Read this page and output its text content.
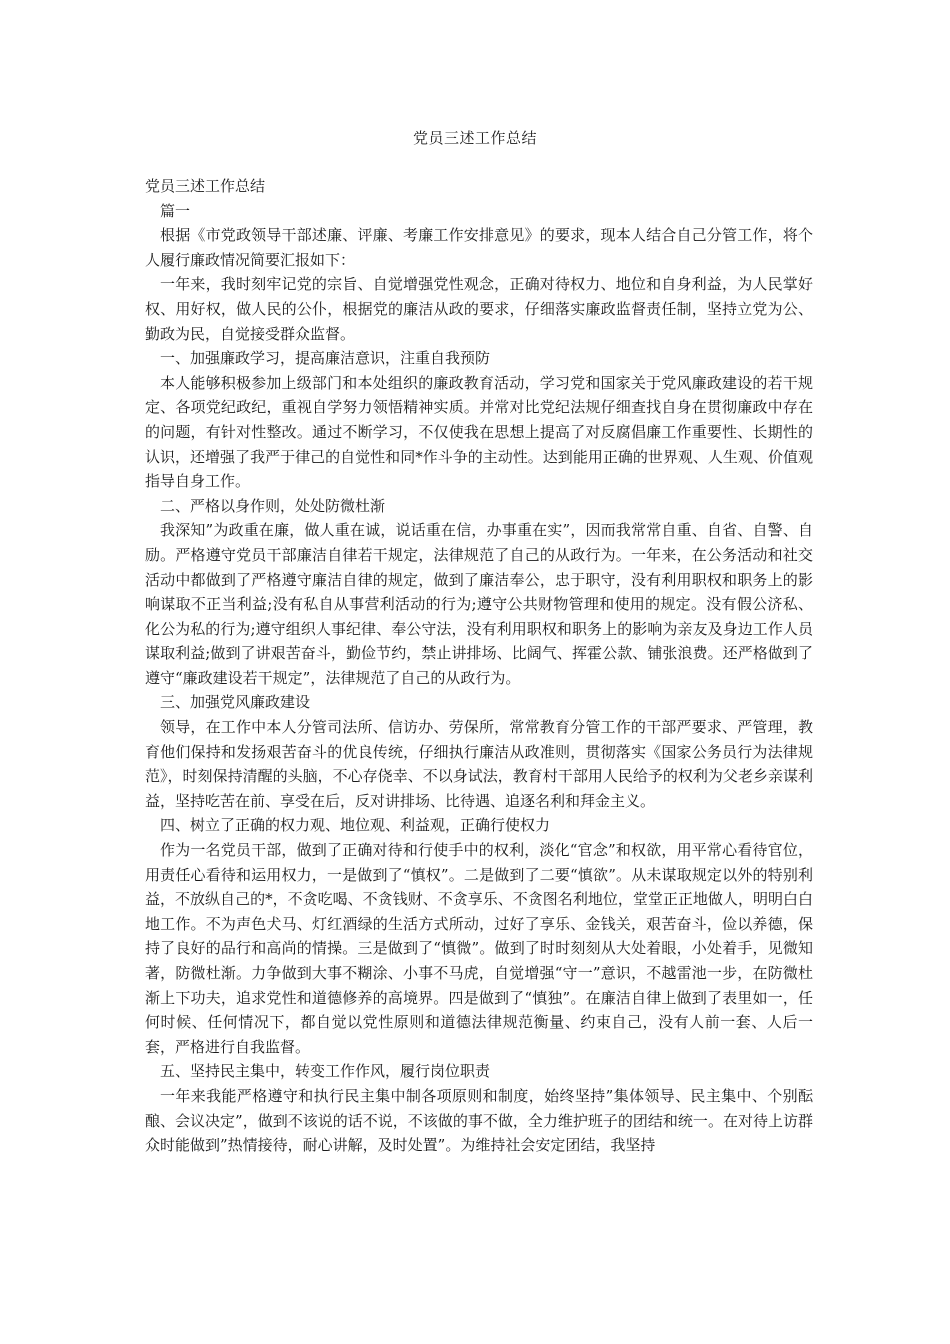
党员三述工作总结

党员三述工作总结

篇一

根据《市党政领导干部述廉、评廉、考廉工作安排意见》的要求，现本人结合自己分管工作，将个人履行廉政情况简要汇报如下：

一年来，我时刻牢记党的宗旨、自觉增强党性观念，正确对待权力、地位和自身利益，为人民掌好权、用好权，做人民的公仆，根据党的廉洁从政的要求，仔细落实廉政监督责任制，坚持立党为公、勤政为民，自觉接受群众监督。

一、加强廉政学习，提高廉洁意识，注重自我预防

本人能够积极参加上级部门和本处组织的廉政教育活动，学习党和国家关于党风廉政建设的若干规定、各项党纪政纪，重视自学努力领悟精神实质。并常对比党纪法规仔细查找自身在贯彻廉政中存在的问题，有针对性整改。通过不断学习，不仅使我在思想上提高了对反腐倡廉工作重要性、长期性的认识，还增强了我严于律己的自觉性和同*作斗争的主动性。达到能用正确的世界观、人生观、价值观指导自身工作。

二、严格以身作则，处处防微杜渐

我深知”为政重在廉，做人重在诚，说话重在信，办事重在实”，因而我常常自重、自省、自警、自励。严格遵守党员干部廉洁自律若干规定，法律规范了自己的从政行为。一年来，在公务活动和社交活动中都做到了严格遵守廉洁自律的规定，做到了廉洁奉公，忠于职守，没有利用职权和职务上的影响谋取不正当利益;没有私自从事营利活动的行为;遵守公共财物管理和使用的规定。没有假公济私、化公为私的行为;遵守组织人事纪律、奉公守法，没有利用职权和职务上的影响为亲友及身边工作人员谋取利益;做到了讲艰苦奋斗，勤俭节约，禁止讲排场、比阔气、挥霍公款、铺张浪费。还严格做到了遵守“廉政建设若干规定”，法律规范了自己的从政行为。

三、加强党风廉政建设

领导，在工作中本人分管司法所、信访办、劳保所，常常教育分管工作的干部严要求、严管理，教育他们保持和发扬艰苦奋斗的优良传统，仔细执行廉洁从政准则，贯彻落实《国家公务员行为法律规范》，时刻保持清醒的头脑，不心存侥幸、不以身试法，教育村干部用人民给予的权利为父老乡亲谋利益，坚持吃苦在前、享受在后，反对讲排场、比待遇、追逐名利和拜金主义。

四、树立了正确的权力观、地位观、利益观，正确行使权力

作为一名党员干部，做到了正确对待和行使手中的权利，淡化“官念”和权欲，用平常心看待官位，用责任心看待和运用权力，一是做到了“慎权”。二是做到了二要“慎欲”。从未谋取规定以外的特别利益，不放纵自己的*，不贪吃喝、不贪钱财、不贪享乐、不贪图名利地位，堂堂正正地做人，明明白白地工作。不为声色犬马、灯红酒绿的生活方式所动，过好了享乐、金钱关，艰苦奋斗，俭以养德，保持了良好的品行和高尚的情操。三是做到了“慎微”。做到了时时刻刻从大处着眼，小处着手，见微知著，防微杜渐。力争做到大事不糊涂、小事不马虎，自觉增强“守一”意识，不越雷池一步，在防微杜渐上下功夫，追求党性和道德修养的高境界。四是做到了“慎独”。在廉洁自律上做到了表里如一，任何时候、任何情况下，都自觉以党性原则和道德法律规范衡量、约束自己，没有人前一套、人后一套，严格进行自我监督。

五、坚持民主集中，转变工作作风，履行岗位职责

一年来我能严格遵守和执行民主集中制各项原则和制度，始终坚持”集体领导、民主集中、个别酝酿、会议决定”，做到不该说的话不说，不该做的事不做，全力维护班子的团结和统一。在对待上访群众时能做到”热情接待，耐心讲解，及时处置”。为维持社会安定团结，我坚持
